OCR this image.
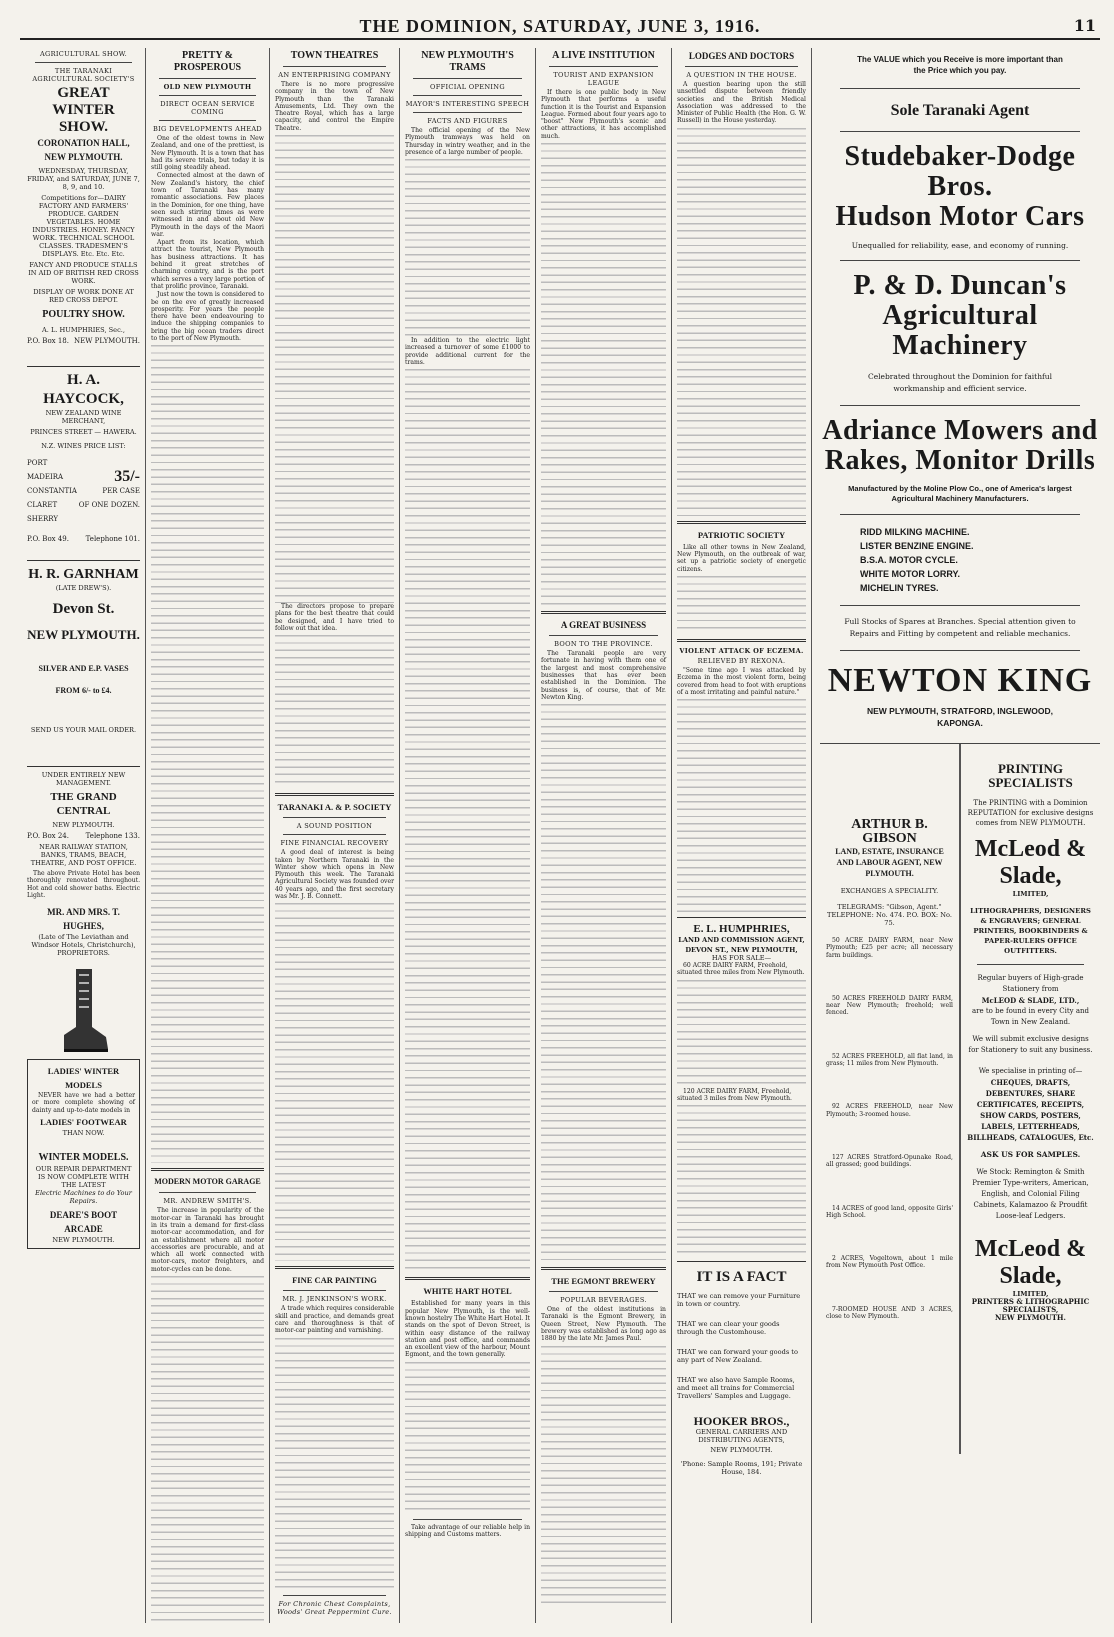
THE DOMINION, SATURDAY, JUNE 3, 1916.	11
AGRICULTURAL SHOW.
THE TARANAKI AGRICULTURAL SOCIETY'S
GREAT WINTER SHOW.
CORONATION HALL, NEW PLYMOUTH.
WEDNESDAY, THURSDAY, FRIDAY, and SATURDAY, JUNE 7, 8, 9, and 10.
Competitions for—DAIRY FACTORY AND FARMERS' PRODUCE. GARDEN VEGETABLES. HOME INDUSTRIES. HONEY. FANCY WORK. TECHNICAL SCHOOL CLASSES. TRADESMEN'S DISPLAYS. Etc. Etc. Etc.
FANCY AND PRODUCE STALLS IN AID OF BRITISH RED CROSS WORK.
DISPLAY OF WORK DONE AT RED CROSS DEPOT.
POULTRY SHOW.
A. L. HUMPHRIES, Sec.,
P.O. Box 18. NEW PLYMOUTH.
H. A. HAYCOCK,
NEW ZEALAND WINE MERCHANT,
PRINCES STREET — HAWERA.
N.Z. WINES PRICE LIST:
PORT
MADEIRA	35/-
CONSTANTIA	PER CASE
CLARET	OF ONE DOZEN.
SHERRY
P.O. Box 49. Telephone 101.
H. R. GARNHAM
(LATE DREW'S).
Devon St.
NEW PLYMOUTH.
SILVER AND E.P. VASES
FROM 6/- to £4.
SEND US YOUR MAIL ORDER.
UNDER ENTIRELY NEW MANAGEMENT.
THE GRAND CENTRAL
NEW PLYMOUTH.
P.O. Box 24. Telephone 133.
NEAR RAILWAY STATION, BANKS, TRAMS, BEACH, THEATRE, AND POST OFFICE.
The above Private Hotel has been thoroughly renovated throughout. Hot and cold shower baths. Electric Light.
MR. AND MRS. T. HUGHES,
(Late of The Leviathan and Windsor Hotels, Christchurch), PROPRIETORS.
LADIES' WINTER MODELS
NEVER have we had a better or more complete showing of dainty and up-to-date models in
LADIES' FOOTWEAR
THAN NOW.
WINTER MODELS.
OUR REPAIR DEPARTMENT IS NOW COMPLETE WITH THE LATEST
Electric Machines to do Your Repairs.
DEARE'S BOOT ARCADE
NEW PLYMOUTH.
PRETTY & PROSPEROUS
OLD NEW PLYMOUTH
DIRECT OCEAN SERVICE COMING
BIG DEVELOPMENTS AHEAD
One of the oldest towns in New Zealand, and one of the prettiest, is New Plymouth. It is a town that has had its severe trials, but today it is still going steadily ahead.
Connected almost at the dawn of New Zealand's history, the chief town of Taranaki has many romantic associations. Few places in the Dominion, for one thing, have seen such stirring times as were witnessed in and about old New Plymouth in the days of the Maori war.
Apart from its location, which attract the tourist, New Plymouth has business attractions. It has behind it great stretches of charming country, and is the port which serves a very large portion of that prolific province, Taranaki.
Just now the town is considered to be on the eve of greatly increased prosperity. For years the people there have been endeavouring to induce the shipping companies to bring the big ocean traders direct to the port of New Plymouth.
MODERN MOTOR GARAGE
MR. ANDREW SMITH'S.
The increase in popularity of the motor-car in Taranaki has brought in its train a demand for first-class motor-car accommodation, and for an establishment where all motor accessories are procurable, and at which all work connected with motor-cars, motor freighters, and motor-cycles can be done.
TOWN THEATRES
AN ENTERPRISING COMPANY
There is no more progressive company in the town of New Plymouth than the Taranaki Amusements, Ltd. They own the Theatre Royal, which has a large capacity, and control the Empire Theatre.
The directors propose to prepare plans for the best theatre that could be designed, and I have tried to follow out that idea.
TARANAKI A. & P. SOCIETY
A SOUND POSITION
FINE FINANCIAL RECOVERY
A good deal of interest is being taken by Northern Taranaki in the Winter show which opens in New Plymouth this week. The Taranaki Agricultural Society was founded over 40 years ago, and the first secretary was Mr. J. B. Connett.
FINE CAR PAINTING
MR. J. JENKINSON'S WORK.
A trade which requires considerable skill and practice, and demands great care and thoroughness is that of motor-car painting and varnishing.
For Chronic Chest Complaints, Woods' Great Peppermint Cure.
NEW PLYMOUTH'S TRAMS
OFFICIAL OPENING
MAYOR'S INTERESTING SPEECH
FACTS AND FIGURES
The official opening of the New Plymouth tramways was held on Thursday in wintry weather, and in the presence of a large number of people.
In addition to the electric light increased a turnover of some £1000 to provide additional current for the trams.
WHITE HART HOTEL
Established for many years in this popular New Plymouth, is the well-known hostelry The White Hart Hotel. It stands on the spot of Devon Street, is within easy distance of the railway station and post office, and commands an excellent view of the harbour, Mount Egmont, and the town generally.
Take advantage of our reliable help in shipping and Customs matters.
A LIVE INSTITUTION
TOURIST AND EXPANSION LEAGUE
If there is one public body in New Plymouth that performs a useful function it is the Tourist and Expansion League. Formed about four years ago to "boost" New Plymouth's scenic and other attractions, it has accomplished much.
A GREAT BUSINESS
BOON TO THE PROVINCE.
The Taranaki people are very fortunate in having with them one of the largest and most comprehensive businesses that has ever been established in the Dominion. The business is, of course, that of Mr. Newton King.
THE EGMONT BREWERY
POPULAR BEVERAGES.
One of the oldest institutions in Taranaki is the Egmont Brewery, in Queen Street, New Plymouth. The brewery was established as long ago as 1880 by the late Mr. James Paul.
LODGES AND DOCTORS
A QUESTION IN THE HOUSE.
A question bearing upon the still unsettled dispute between friendly societies and the British Medical Association was addressed to the Minister of Public Health (the Hon. G. W. Russell) in the House yesterday.
PATRIOTIC SOCIETY
Like all other towns in New Zealand, New Plymouth, on the outbreak of war, set up a patriotic society of energetic citizens.
VIOLENT ATTACK OF ECZEMA.
RELIEVED BY REXONA.
"Some time ago I was attacked by Eczema in the most violent form, being covered from head to foot with eruptions of a most irritating and painful nature."
E. L. HUMPHRIES,
LAND AND COMMISSION AGENT,
DEVON ST., NEW PLYMOUTH,
HAS FOR SALE—
60 ACRE DAIRY FARM, Freehold, situated three miles from New Plymouth.
120 ACRE DAIRY FARM, Freehold, situated 3 miles from New Plymouth.
IT IS A FACT
THAT we can remove your Furniture in town or country.
THAT we can clear your goods through the Customhouse.
THAT we can forward your goods to any part of New Zealand.
THAT we also have Sample Rooms, and meet all trains for Commercial Travellers' Samples and Luggage.
HOOKER BROS.,
GENERAL CARRIERS AND DISTRIBUTING AGENTS,
NEW PLYMOUTH.
'Phone: Sample Rooms, 191; Private House, 184.
The VALUE which you Receive is more important than
the Price which you pay.
Sole Taranaki Agent
Studebaker-Dodge Bros.
Hudson Motor Cars
Unequalled for reliability, ease, and economy of running.
P. & D. Duncan's
Agricultural Machinery
Celebrated throughout the Dominion for faithful workmanship and efficient service.
Adriance Mowers and
Rakes, Monitor Drills
Manufactured by the Moline Plow Co., one of America's largest Agricultural Machinery Manufacturers.
RIDD MILKING MACHINE.
LISTER BENZINE ENGINE.
B.S.A. MOTOR CYCLE.
WHITE MOTOR LORRY.
MICHELIN TYRES.
Full Stocks of Spares at Branches. Special attention given to Repairs and Fitting by competent and reliable mechanics.
NEWTON KING
NEW PLYMOUTH, STRATFORD, INGLEWOOD, KAPONGA.
ARTHUR B. GIBSON
LAND, ESTATE, INSURANCE AND LABOUR AGENT, NEW PLYMOUTH.
EXCHANGES A SPECIALITY.
TELEGRAMS: "Gibson, Agent." TELEPHONE: No. 474. P.O. BOX: No. 75.
50 ACRE DAIRY FARM, near New Plymouth; £25 per acre; all necessary farm buildings.
50 ACRES FREEHOLD DAIRY FARM, near New Plymouth; freehold; well fenced.
52 ACRES FREEHOLD, all flat land, in grass; 11 miles from New Plymouth.
92 ACRES FREEHOLD, near New Plymouth; 3-roomed house.
127 ACRES Stratford-Opunake Road, all grassed; good buildings.
14 ACRES of good land, opposite Girls' High School.
2 ACRES, Vogeltown, about 1 mile from New Plymouth Post Office.
7-ROOMED HOUSE AND 3 ACRES, close to New Plymouth.
PRINTING SPECIALISTS
The PRINTING with a Dominion REPUTATION for exclusive designs comes from NEW PLYMOUTH.
McLeod & Slade,
LIMITED,
LITHOGRAPHERS, DESIGNERS & ENGRAVERS; GENERAL PRINTERS, BOOKBINDERS & PAPER-RULERS OFFICE OUTFITTERS.
Regular buyers of High-grade Stationery from
McLEOD & SLADE, LTD.,
are to be found in every City and Town in New Zealand.
We will submit exclusive designs for Stationery to suit any business.
We specialise in printing of—
CHEQUES, DRAFTS, DEBENTURES, SHARE CERTIFICATES, RECEIPTS, SHOW CARDS, POSTERS, LABELS, LETTERHEADS, BILLHEADS, CATALOGUES, Etc.
ASK US FOR SAMPLES.
We Stock: Remington & Smith Premier Type-writers, American, English, and Colonial Filing Cabinets, Kalamazoo & Proudfit Loose-leaf Ledgers.
McLeod & Slade,
LIMITED,
PRINTERS & LITHOGRAPHIC SPECIALISTS,
NEW PLYMOUTH.
